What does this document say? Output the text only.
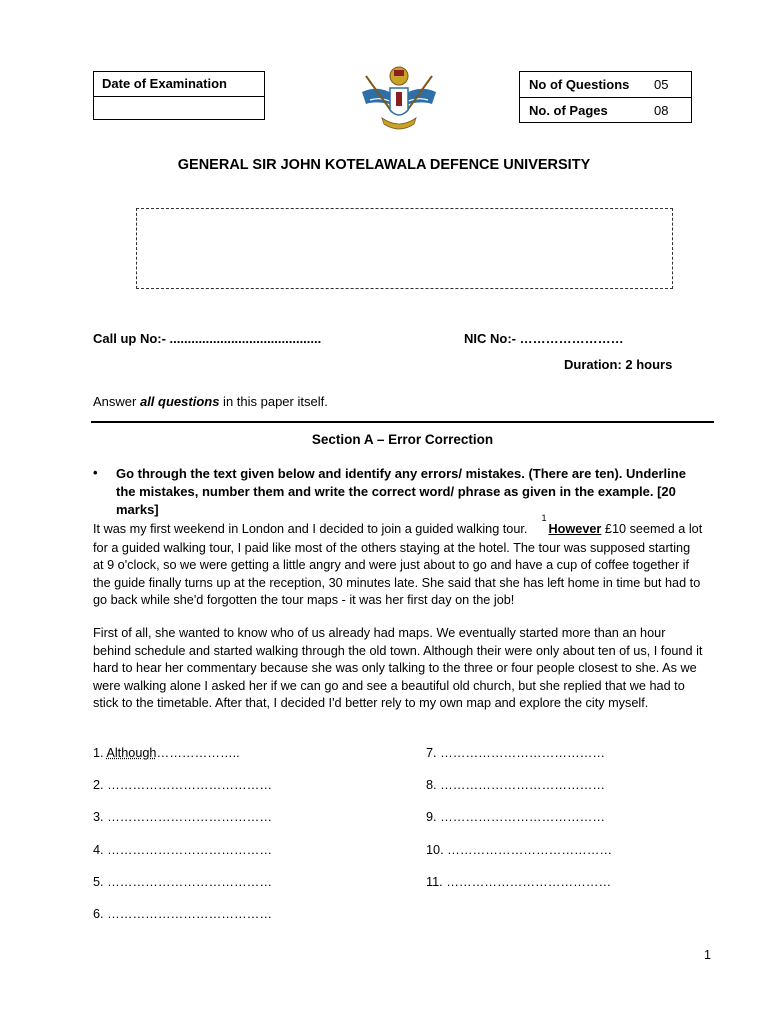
Date of Examination	No of Questions 05
No. of Pages	08
GENERAL SIR JOHN KOTELAWALA DEFENCE UNIVERSITY
Call up No:- ..........................................	NIC No:- ……………………
Duration: 2 hours
Answer all questions in this paper itself.
Section A – Error Correction
• Go through the text given below and identify any errors/ mistakes. (There are ten). Underline the mistakes, number them and write the correct word/ phrase as given in the example. [20 marks]
It was my first weekend in London and I decided to join a guided walking tour.$^1$However £10 seemed a lot for a guided walking tour, I paid like most of the others staying at the hotel. The tour was supposed starting at 9 o'clock, so we were getting a little angry and were just about to go and have a cup of coffee together if the guide finally turns up at the reception, 30 minutes late. She said that she has left home in time but had to go back while she'd forgotten the tour maps - it was her first day on the job!
First of all, she wanted to know who of us already had maps. We eventually started more than an hour behind schedule and started walking through the old town. Although their were only about ten of us, I found it hard to hear her commentary because she was only talking to the three or four people closest to she. As we were walking alone I asked her if we can go and see a beautiful old church, but she replied that we had to stick to the timetable. After that, I decided I'd better rely to my own map and explore the city myself.
1. Although………………..
2. …………………………………
3. …………………………………
4. …………………………………
5. …………………………………
6. …………………………………
7. …………………………………
8. …………………………………
9. …………………………………
10. …………………………………
11. …………………………………
1
